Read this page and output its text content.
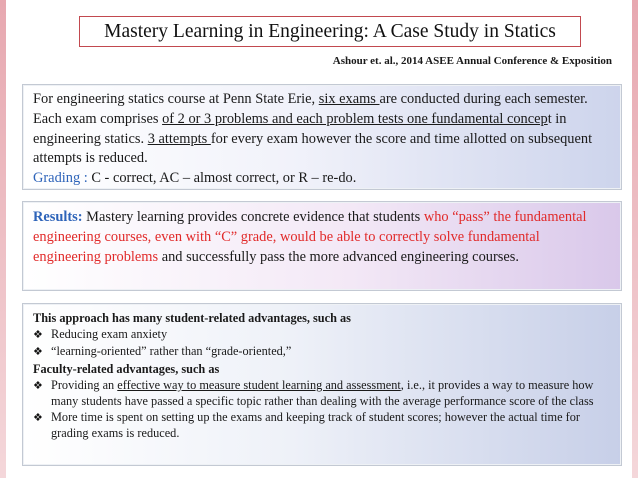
Mastery Learning in Engineering: A Case Study in Statics
Ashour et. al., 2014 ASEE Annual Conference & Exposition
For engineering statics course at Penn State Erie, six exams are conducted during each semester. Each exam comprises of 2 or 3 problems and each problem tests one fundamental concept in engineering statics. 3 attempts for every exam however the score and time allotted on subsequent attempts is reduced.
Grading : C - correct, AC – almost correct, or R – re-do.
Results: Mastery learning provides concrete evidence that students who “pass” the fundamental engineering courses, even with “C” grade, would be able to correctly solve fundamental engineering problems and successfully pass the more advanced engineering courses.
This approach has many student-related advantages, such as
❖ Reducing exam anxiety
❖ “learning-oriented” rather than “grade-oriented,”
Faculty-related advantages, such as
❖ Providing an effective way to measure student learning and assessment, i.e., it provides a way to measure how many students have passed a specific topic rather than dealing with the average performance score of the class
❖ More time is spent on setting up the exams and keeping track of student scores; however the actual time for grading exams is reduced.
